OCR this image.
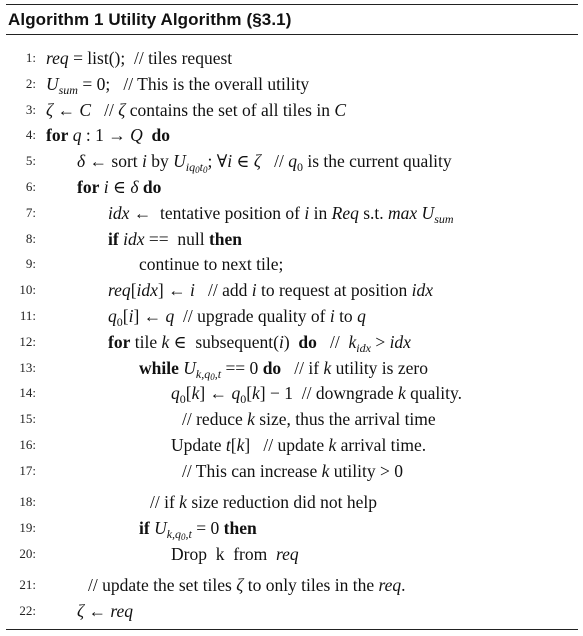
Algorithm 1 Utility Algorithm (§3.1)
1: req = list();  // tiles request
2: $U_{sum} = 0$;   // This is the overall utility
3: ζ ← C   // ζ contains the set of all tiles in C
4: for q : 1 → Q do
5: δ ← sort i by $U_{iq_0t_0}$; ∀i ∈ ζ   // $q_0$ is the current quality
6: for i ∈ δ do
7:	idx ←  tentative position of i in Req s.t. $\max U_{sum}$
8:	if idx ==  null then
9:	continue to next tile;
10:	req[idx] ← i   // add i to request at position idx
11:	$q_0[i]$ ← q  // upgrade quality of i to q
12:	for tile k ∈  subsequent(i)  do   //  $k_{idx}$ > idx
13:	while $U_{k,q_0,t} == 0$ do   // if k utility is zero
14:	$q_0[k]$ ← $q_0[k] - 1$  // downgrade k quality.
15:	// reduce k size, thus the arrival time
16:	Update t[k]   // update k arrival time.
17:	// This can increase k utility > 0
18:	// if k size reduction did not help
19:	if $U_{k,q_0,t} = 0$ then
20:	Drop  k  from  req
21:	// update the set tiles ζ to only tiles in the req.
22: ζ ← req
